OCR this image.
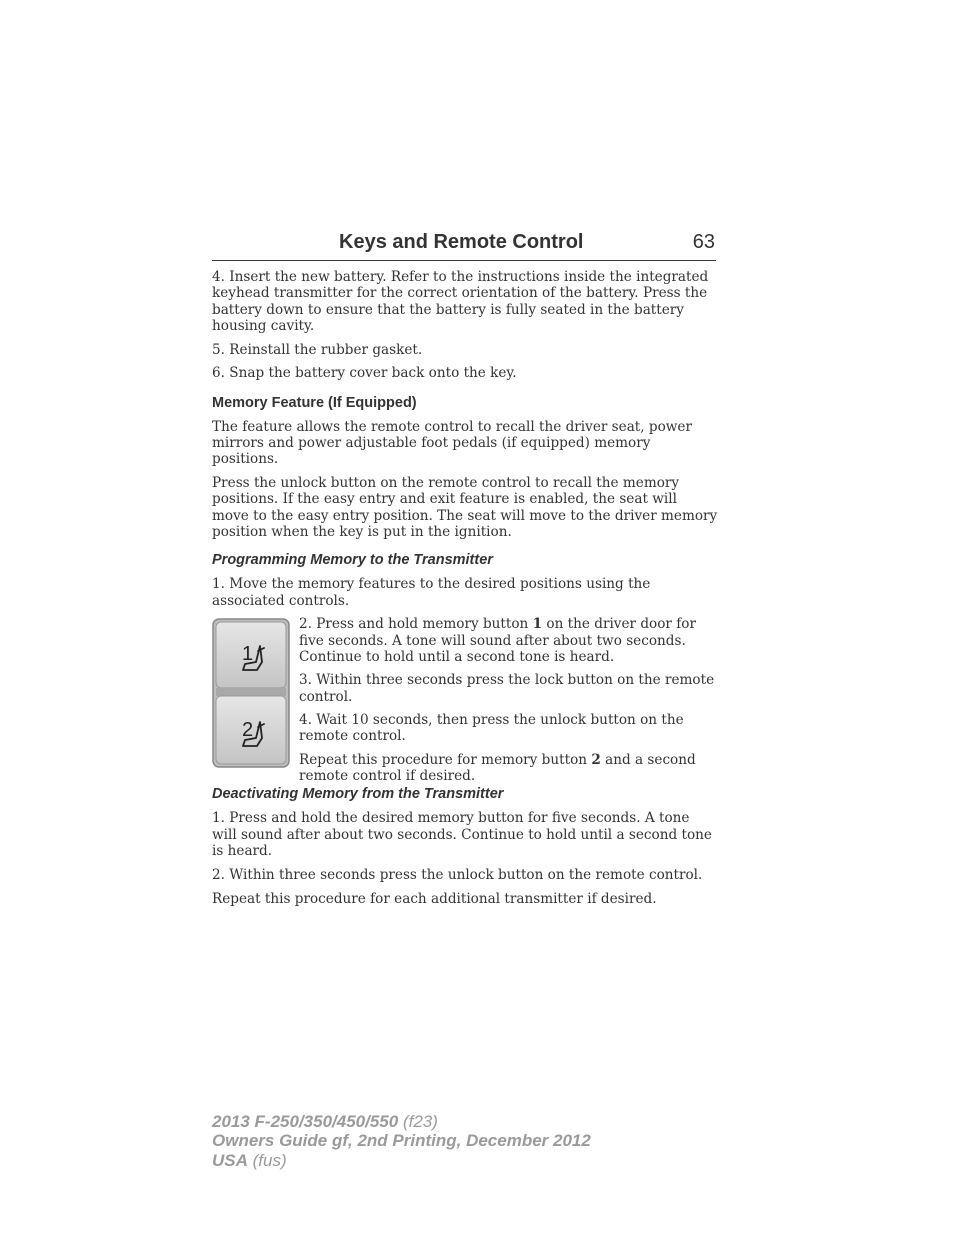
Keys and Remote Control	63

4. Insert the new battery. Refer to the instructions inside the integrated keyhead transmitter for the correct orientation of the battery. Press the battery down to ensure that the battery is fully seated in the battery housing cavity.

5. Reinstall the rubber gasket.

6. Snap the battery cover back onto the key.

Memory Feature (If Equipped)

The feature allows the remote control to recall the driver seat, power mirrors and power adjustable foot pedals (if equipped) memory positions.

Press the unlock button on the remote control to recall the memory positions. If the easy entry and exit feature is enabled, the seat will move to the easy entry position. The seat will move to the driver memory position when the key is put in the ignition.

Programming Memory to the Transmitter

1. Move the memory features to the desired positions using the associated controls.

1
2

2. Press and hold memory button 1 on the driver door for five seconds. A tone will sound after about two seconds. Continue to hold until a second tone is heard.

3. Within three seconds press the lock button on the remote control.

4. Wait 10 seconds, then press the unlock button on the remote control.

Repeat this procedure for memory button 2 and a second remote control if desired.

Deactivating Memory from the Transmitter

1. Press and hold the desired memory button for five seconds. A tone will sound after about two seconds. Continue to hold until a second tone is heard.

2. Within three seconds press the unlock button on the remote control.

Repeat this procedure for each additional transmitter if desired.

2013 F-250/350/450/550 (f23)
Owners Guide gf, 2nd Printing, December 2012
USA (fus)
